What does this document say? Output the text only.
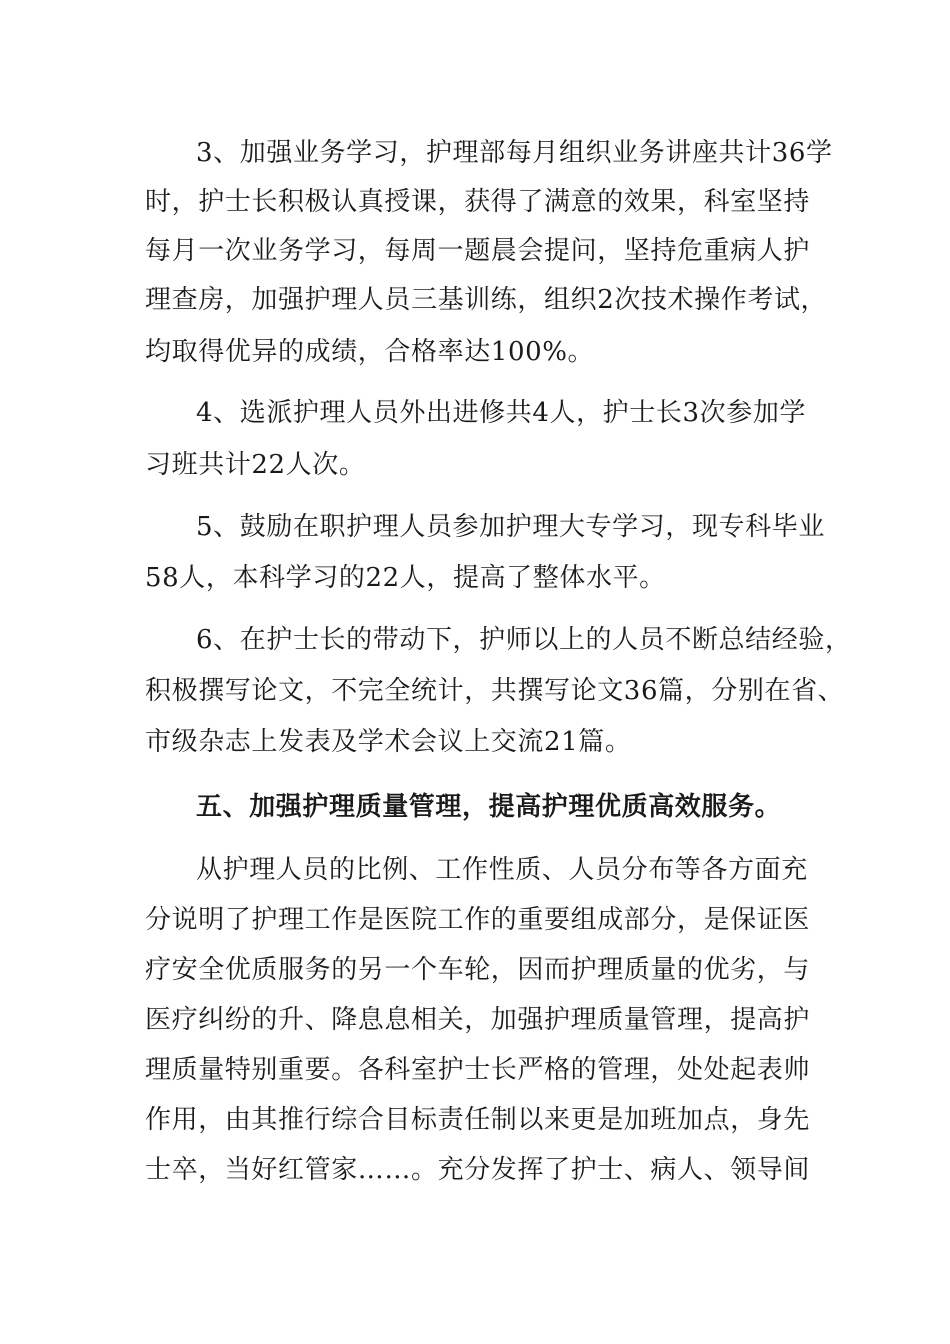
3、加强业务学习，护理部每月组织业务讲座共计36学
时，护士长积极认真授课，获得了满意的效果，科室坚持
每月一次业务学习，每周一题晨会提问，坚持危重病人护
理查房，加强护理人员三基训练，组织2次技术操作考试，
均取得优异的成绩，合格率达100%。
4、选派护理人员外出进修共4人，护士长3次参加学
习班共计22人次。
5、鼓励在职护理人员参加护理大专学习，现专科毕业
58人，本科学习的22人，提高了整体水平。
6、在护士长的带动下，护师以上的人员不断总结经验，
积极撰写论文，不完全统计，共撰写论文36篇，分别在省、
市级杂志上发表及学术会议上交流21篇。
五、加强护理质量管理，提高护理优质高效服务。
从护理人员的比例、工作性质、人员分布等各方面充
分说明了护理工作是医院工作的重要组成部分，是保证医
疗安全优质服务的另一个车轮，因而护理质量的优劣，与
医疗纠纷的升、降息息相关，加强护理质量管理，提高护
理质量特别重要。各科室护士长严格的管理，处处起表帅
作用，由其推行综合目标责任制以来更是加班加点，身先
士卒，当好红管家……。充分发挥了护士、病人、领导间
